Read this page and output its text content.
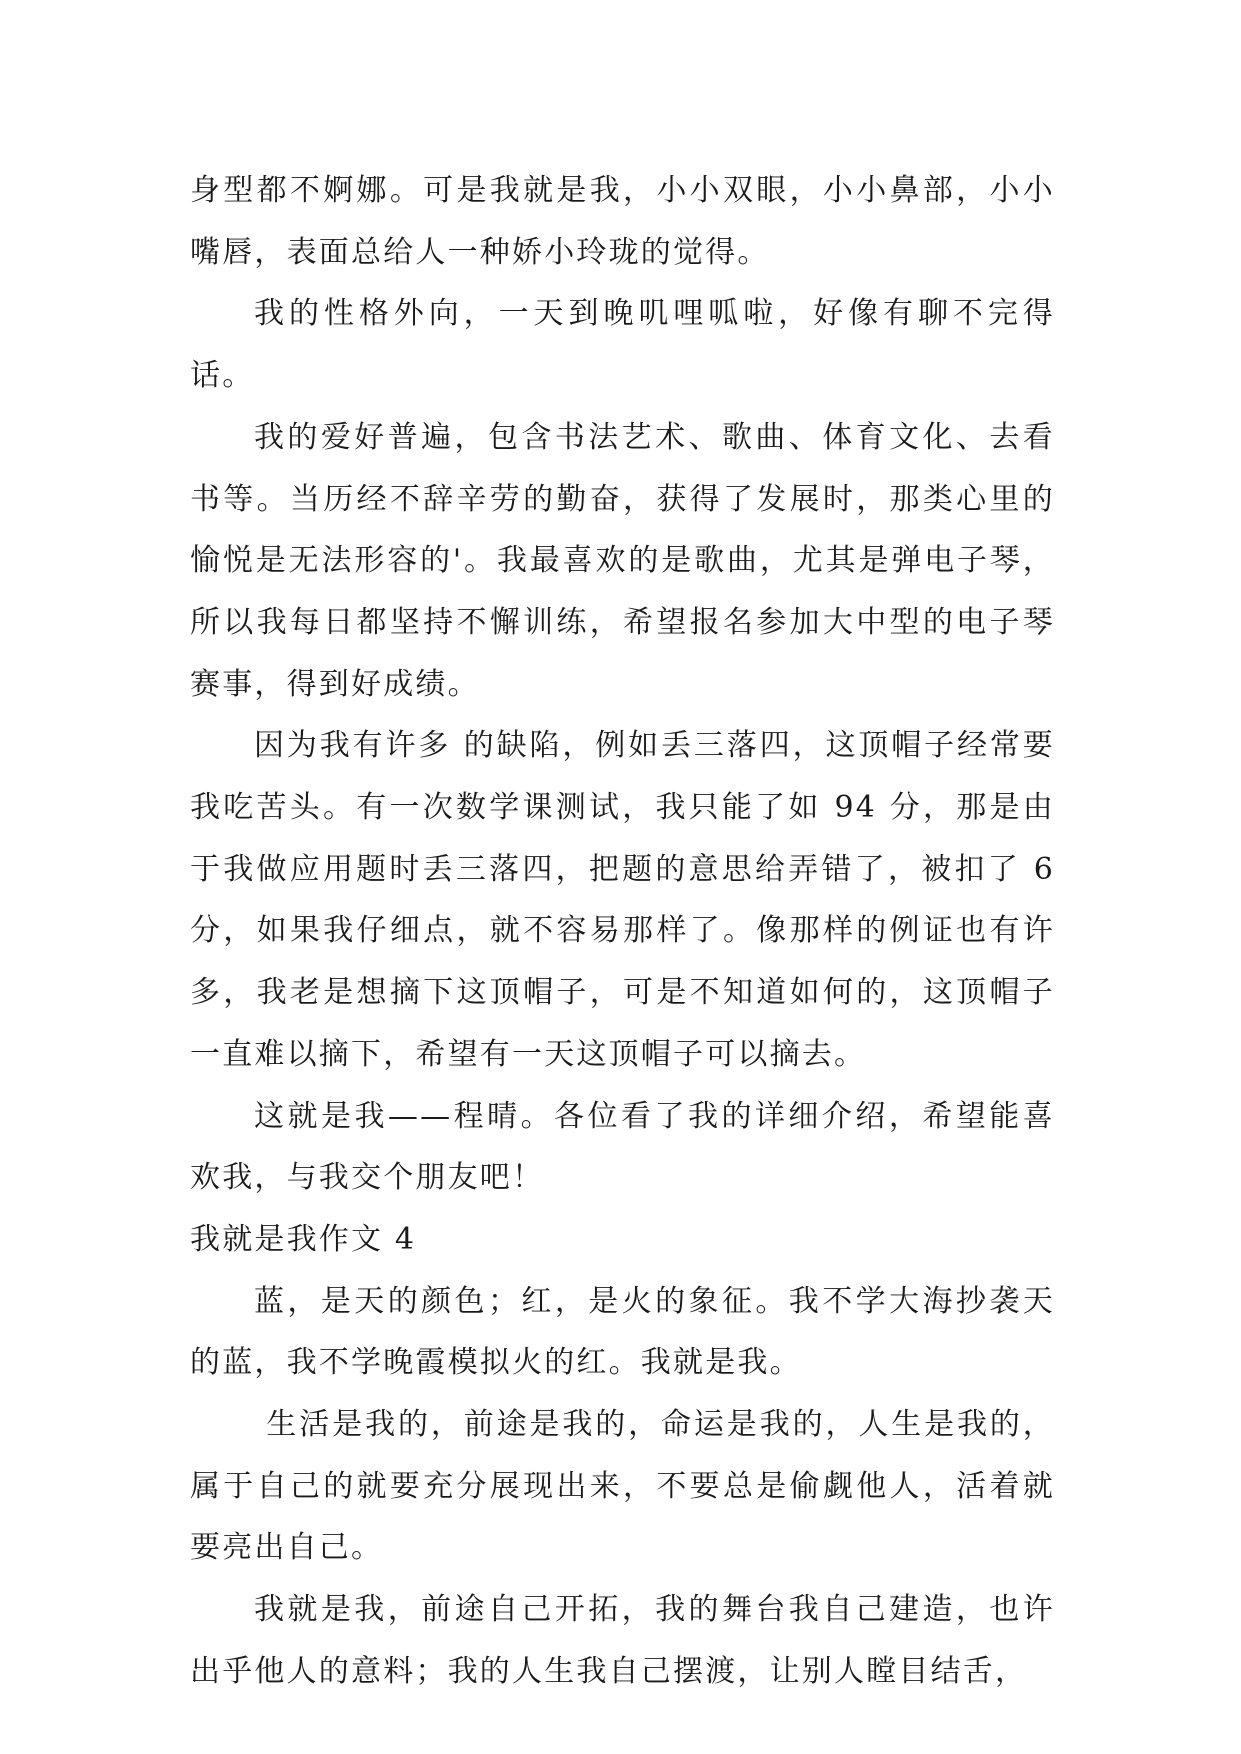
身型都不婀娜。可是我就是我，小小双眼，小小鼻部，小小嘴唇，表面总给人一种娇小玲珑的觉得。

我的性格外向，一天到晚叽哩呱啦，好像有聊不完得话。

我的爱好普遍，包含书法艺术、歌曲、体育文化、去看书等。当历经不辞辛劳的勤奋，获得了发展时，那类心里的愉悦是无法形容的'。我最喜欢的是歌曲，尤其是弹电子琴，所以我每日都坚持不懈训练，希望报名参加大中型的电子琴赛事，得到好成绩。

因为我有许多 的缺陷，例如丢三落四，这顶帽子经常要我吃苦头。有一次数学课测试，我只能了如 94 分，那是由于我做应用题时丢三落四，把题的意思给弄错了，被扣了 6 分，如果我仔细点，就不容易那样了。像那样的例证也有许多，我老是想摘下这顶帽子，可是不知道如何的，这顶帽子一直难以摘下，希望有一天这顶帽子可以摘去。

这就是我——程晴。各位看了我的详细介绍，希望能喜欢我，与我交个朋友吧！

我就是我作文 4

蓝，是天的颜色；红，是火的象征。我不学大海抄袭天的蓝，我不学晚霞模拟火的红。我就是我。

生活是我的，前途是我的，命运是我的，人生是我的，属于自己的就要充分展现出来，不要总是偷觑他人，活着就要亮出自己。

我就是我，前途自己开拓，我的舞台我自己建造，也许出乎他人的意料；我的人生我自己摆渡，让别人瞠目结舌，
